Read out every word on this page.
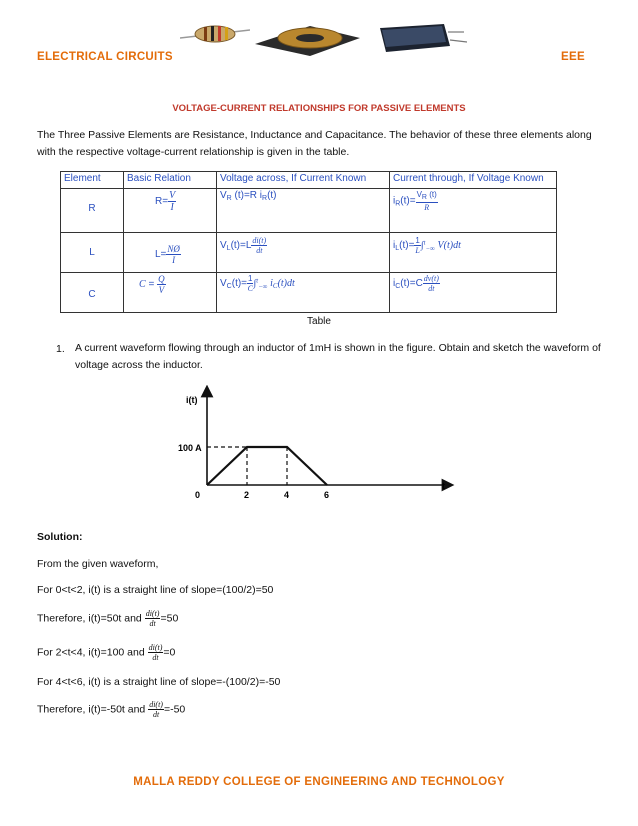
ELECTRICAL CIRCUITS	EEE
VOLTAGE-CURRENT RELATIONSHIPS FOR PASSIVE ELEMENTS
The Three Passive Elements are Resistance, Inductance and Capacitance. The behavior of these three elements along with the respective voltage-current relationship is given in the table.
Element	Basic Relation	Voltage across, If Current Known	Current through, If Voltage Known
R	$R= \frac{V}{I}$	$V_R$ (t)=R $i_R(t)$	$i_R(t)= \frac{VR (t)}{R}$

L	$L= \frac{NØ}{I}$	$V_L(t)=L \frac{di(t)}{dt}$	$i_L(t)= \frac{1}{L} \int^t_{-\infty}$ V(t)dt

C	$C = \frac{Q}{V}$	$V_C(t)= \frac{1}{C} \int^t_{-\infty}$ $i_C(t)dt$	$i_C(t)=C \frac{dv(t)}{dt}$
Table
1. A current waveform flowing through an inductor of 1mH is shown in the figure. Obtain and sketch the waveform of voltage across the inductor.
i(t)
t
100 A
0	2	4	6
Solution:
From the given waveform,
For 0<t<2, i(t) is a straight line of slope=(100/2)=50
Therefore, i(t)=50t and $\frac{di(t)}{dt} =50$
For 2<t<4, i(t)=100 and $\frac{di(t)}{dt} =0$
For 4<t<6, i(t) is a straight line of slope=-(100/2)=-50
Therefore, i(t)=-50t and $\frac{di(t)}{dt} =-50$
MALLA REDDY COLLEGE OF ENGINEERING AND TECHNOLOGY
